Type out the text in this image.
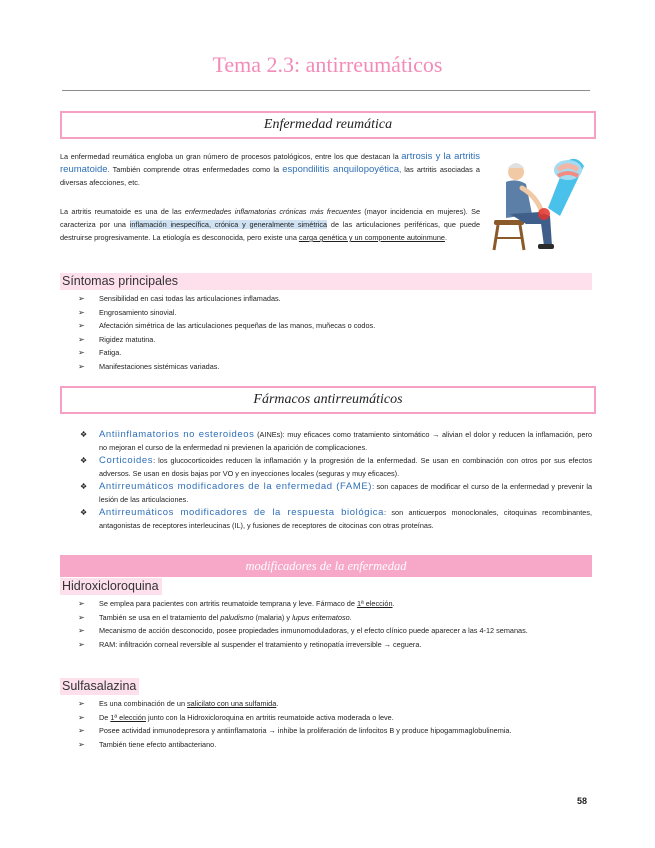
Tema 2.3: antirreumáticos
Enfermedad reumática

La enfermedad reumática engloba un gran número de procesos patológicos, entre los que destacan la artrosis y la artritis reumatoide. También comprende otras enfermedades como la espondilitis anquilopoyética, las artritis asociadas a diversas afecciones, etc.

La artritis reumatoide es una de las enfermedades inflamatorias crónicas más frecuentes (mayor incidencia en mujeres). Se caracteriza por una inflamación inespecífica, crónica y generalmente simétrica de las articulaciones periféricas, que puede destruirse progresivamente. La etiología es desconocida, pero existe una carga genética y un componente autoinmune.

Síntomas principales
➢ Sensibilidad en casi todas las articulaciones inflamadas.
➢ Engrosamiento sinovial.
➢ Afectación simétrica de las articulaciones pequeñas de las manos, muñecas o codos.
➢ Rigidez matutina.
➢ Fatiga.
➢ Manifestaciones sistémicas variadas.
Fármacos antirreumáticos
❖ Antiinflamatorios no esteroideos (AINEs): muy eficaces como tratamiento sintomático → alivian el dolor y reducen la inflamación, pero no mejoran el curso de la enfermedad ni previenen la aparición de complicaciones.
❖ Corticoides: los glucocorticoides reducen la inflamación y la progresión de la enfermedad. Se usan en combinación con otros por sus efectos adversos. Se usan en dosis bajas por VO y en inyecciones locales (seguras y muy eficaces).
❖ Antirreumáticos modificadores de la enfermedad (FAME): son capaces de modificar el curso de la enfermedad y prevenir la lesión de las articulaciones.
❖ Antirreumáticos modificadores de la respuesta biológica: son anticuerpos monoclonales, citoquinas recombinantes, antagonistas de receptores interleucinas (IL), y fusiones de receptores de citocinas con otras proteínas.
modificadores de la enfermedad
Hidroxicloroquina
➢ Se emplea para pacientes con artritis reumatoide temprana y leve. Fármaco de 1ª elección.
➢ También se usa en el tratamiento del paludismo (malaria) y lupus eritematoso.
➢ Mecanismo de acción desconocido, posee propiedades inmunomoduladoras, y el efecto clínico puede aparecer a las 4-12 semanas.
➢ RAM: infiltración corneal reversible al suspender el tratamiento y retinopatía irreversible → ceguera.
Sulfasalazina
➢ Es una combinación de un salicilato con una sulfamida.
➢ De 1ª elección junto con la Hidroxicloroquina en artritis reumatoide activa moderada o leve.
➢ Posee actividad inmunodepresora y antiinflamatoria → inhibe la proliferación de linfocitos B y produce hipogammaglobulinemia.
➢ También tiene efecto antibacteriano.
58
